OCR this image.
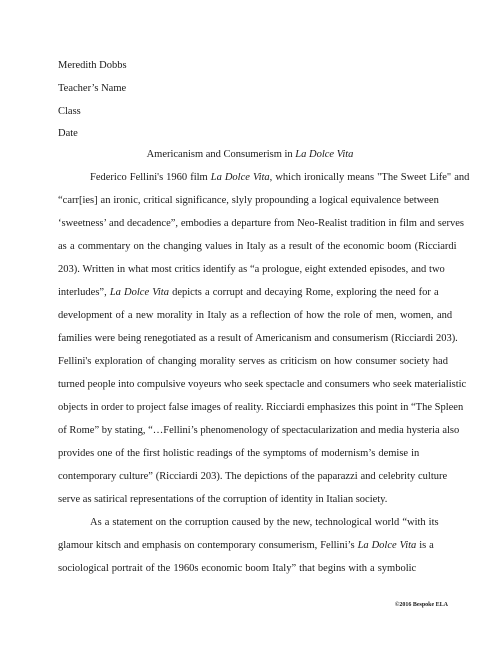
Meredith Dobbs
Teacher’s Name
Class
Date
Americanism and Consumerism in La Dolce Vita
Federico Fellini's 1960 film La Dolce Vita, which ironically means "The Sweet Life" and
“carr[ies] an ironic, critical significance, slyly propounding a logical equivalence between
‘sweetness’ and decadence”, embodies a departure from Neo-Realist tradition in film and serves
as a commentary on the changing values in Italy as a result of the economic boom (Ricciardi
203). Written in what most critics identify as “a prologue, eight extended episodes, and two
interludes”, La Dolce Vita depicts a corrupt and decaying Rome, exploring the need for a
development of a new morality in Italy as a reflection of how the role of men, women, and
families were being renegotiated as a result of Americanism and consumerism (Ricciardi 203).
Fellini's exploration of changing morality serves as criticism on how consumer society had
turned people into compulsive voyeurs who seek spectacle and consumers who seek materialistic
objects in order to project false images of reality. Ricciardi emphasizes this point in “The Spleen
of Rome” by stating, “…Fellini’s phenomenology of spectacularization and media hysteria also
provides one of the first holistic readings of the symptoms of modernism’s demise in
contemporary culture” (Ricciardi 203). The depictions of the paparazzi and celebrity culture
serve as satirical representations of the corruption of identity in Italian society.
As a statement on the corruption caused by the new, technological world “with its
glamour kitsch and emphasis on contemporary consumerism, Fellini’s La Dolce Vita is a
sociological portrait of the 1960s economic boom Italy” that begins with a symbolic
©2016 Bespoke ELA
